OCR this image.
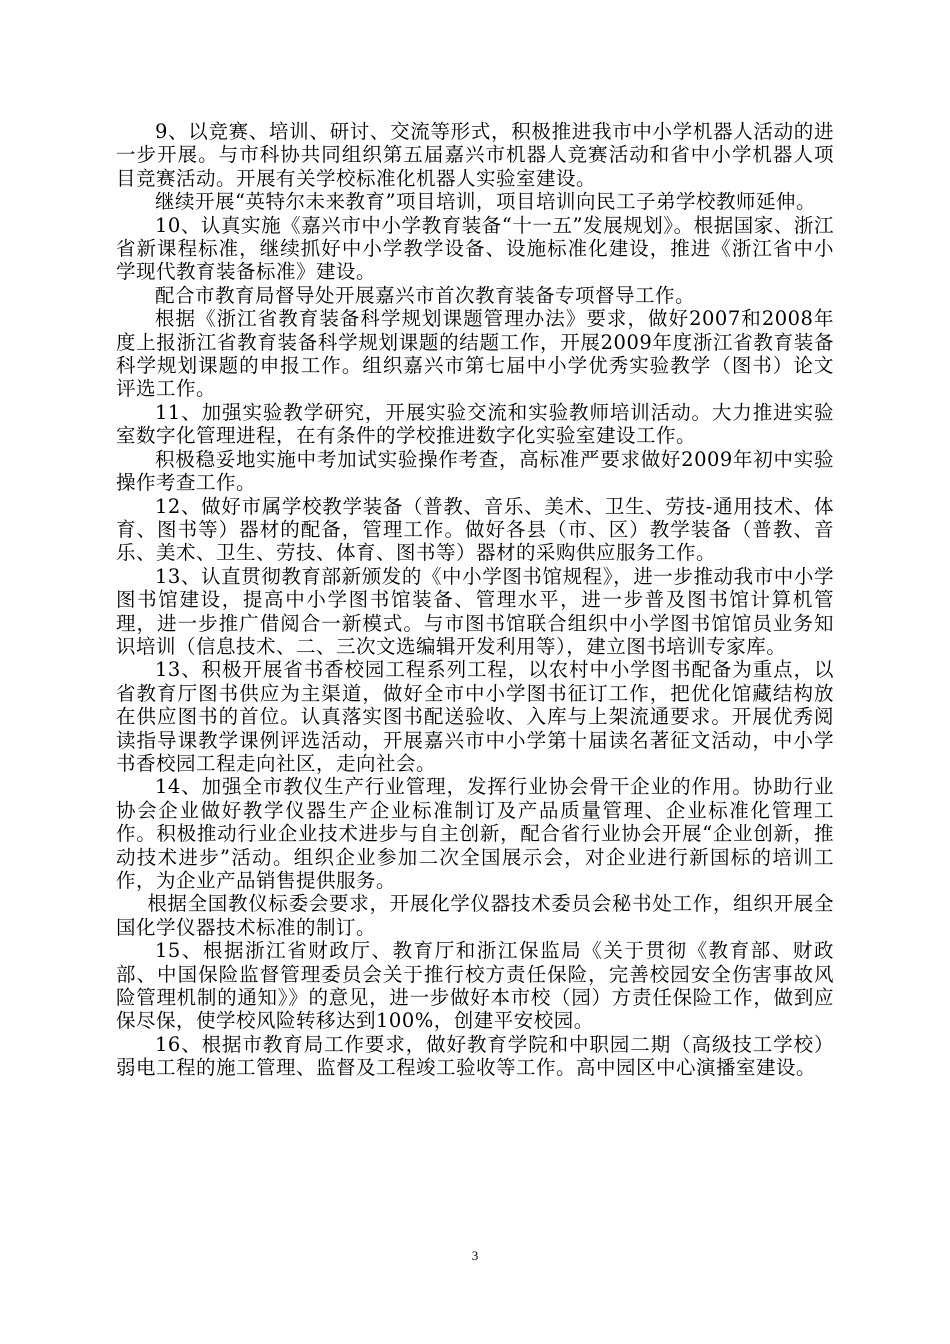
9、以竞赛、培训、研讨、交流等形式，积极推进我市中小学机器人活动的进一步开展。与市科协共同组织第五届嘉兴市机器人竞赛活动和省中小学机器人项目竞赛活动。开展有关学校标准化机器人实验室建设。

继续开展“英特尔未来教育”项目培训，项目培训向民工子弟学校教师延伸。

10、认真实施《嘉兴市中小学教育装备“十一五”发展规划》。根据国家、浙江省新课程标准，继续抓好中小学教学设备、设施标准化建设，推进《浙江省中小学现代教育装备标准》建设。

配合市教育局督导处开展嘉兴市首次教育装备专项督导工作。

根据《浙江省教育装备科学规划课题管理办法》要求，做好2007和2008年度上报浙江省教育装备科学规划课题的结题工作，开展2009年度浙江省教育装备科学规划课题的申报工作。组织嘉兴市第七届中小学优秀实验教学（图书）论文评选工作。

11、加强实验教学研究，开展实验交流和实验教师培训活动。大力推进实验室数字化管理进程，在有条件的学校推进数字化实验室建设工作。

积极稳妥地实施中考加试实验操作考查，高标准严要求做好2009年初中实验操作考查工作。

12、做好市属学校教学装备（普教、音乐、美术、卫生、劳技-通用技术、体育、图书等）器材的配备，管理工作。做好各县（市、区）教学装备（普教、音乐、美术、卫生、劳技、体育、图书等）器材的采购供应服务工作。

13、认直贯彻教育部新颁发的《中小学图书馆规程》，进一步推动我市中小学图书馆建设，提高中小学图书馆装备、管理水平，进一步普及图书馆计算机管理，进一步推广借阅合一新模式。与市图书馆联合组织中小学图书馆馆员业务知识培训（信息技术、二、三次文选编辑开发利用等），建立图书培训专家库。

13、积极开展省书香校园工程系列工程，以农村中小学图书配备为重点，以省教育厅图书供应为主渠道，做好全市中小学图书征订工作，把优化馆藏结构放在供应图书的首位。认真落实图书配送验收、入库与上架流通要求。开展优秀阅读指导课教学课例评选活动，开展嘉兴市中小学第十届读名著征文活动，中小学书香校园工程走向社区，走向社会。

14、加强全市教仪生产行业管理，发挥行业协会骨干企业的作用。协助行业协会企业做好教学仪器生产企业标准制订及产品质量管理、企业标准化管理工作。积极推动行业企业技术进步与自主创新，配合省行业协会开展“企业创新，推动技术进步”活动。组织企业参加二次全国展示会，对企业进行新国标的培训工作，为企业产品销售提供服务。

根据全国教仪标委会要求，开展化学仪器技术委员会秘书处工作，组织开展全国化学仪器技术标准的制订。

15、根据浙江省财政厅、教育厅和浙江保监局《关于贯彻《教育部、财政部、中国保险监督管理委员会关于推行校方责任保险，完善校园安全伤害事故风险管理机制的通知》》的意见，进一步做好本市校（园）方责任保险工作，做到应保尽保，使学校风险转移达到100%，创建平安校园。

16、根据市教育局工作要求，做好教育学院和中职园二期（高级技工学校）弱电工程的施工管理、监督及工程竣工验收等工作。高中园区中心演播室建设。

3
